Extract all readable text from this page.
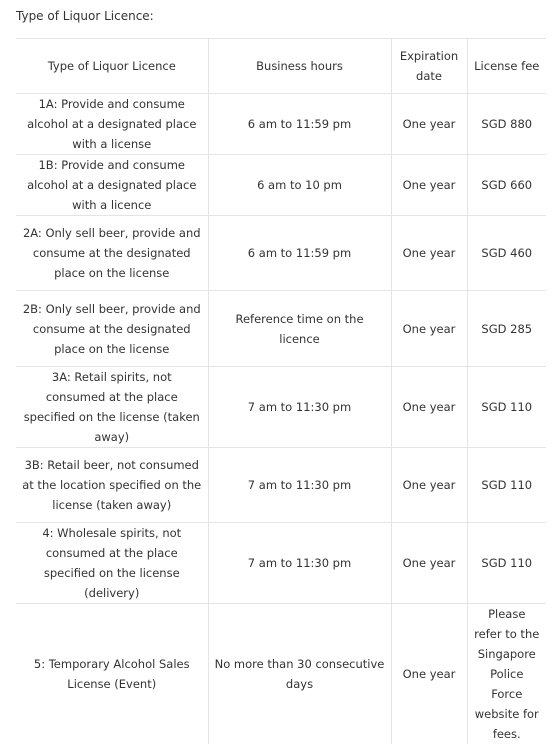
Type of Liquor Licence:
Type of Liquor Licence	Business hours	Expiration date	License fee
1A: Provide and consume alcohol at a designated place with a license	6 am to 11:59 pm	One year	SGD 880
1B: Provide and consume alcohol at a designated place with a licence	6 am to 10 pm	One year	SGD 660
2A: Only sell beer, provide and consume at the designated place on the license	6 am to 11:59 pm	One year	SGD 460
2B: Only sell beer, provide and consume at the designated place on the license	Reference time on the licence	One year	SGD 285
3A: Retail spirits, not consumed at the place specified on the license (taken away)	7 am to 11:30 pm	One year	SGD 110
3B: Retail beer, not consumed at the location specified on the license (taken away)	7 am to 11:30 pm	One year	SGD 110
4: Wholesale spirits, not consumed at the place specified on the license (delivery)	7 am to 11:30 pm	One year	SGD 110
5: Temporary Alcohol Sales License (Event)	No more than 30 consecutive days	One year	Please refer to the Singapore Police Force website for fees.
